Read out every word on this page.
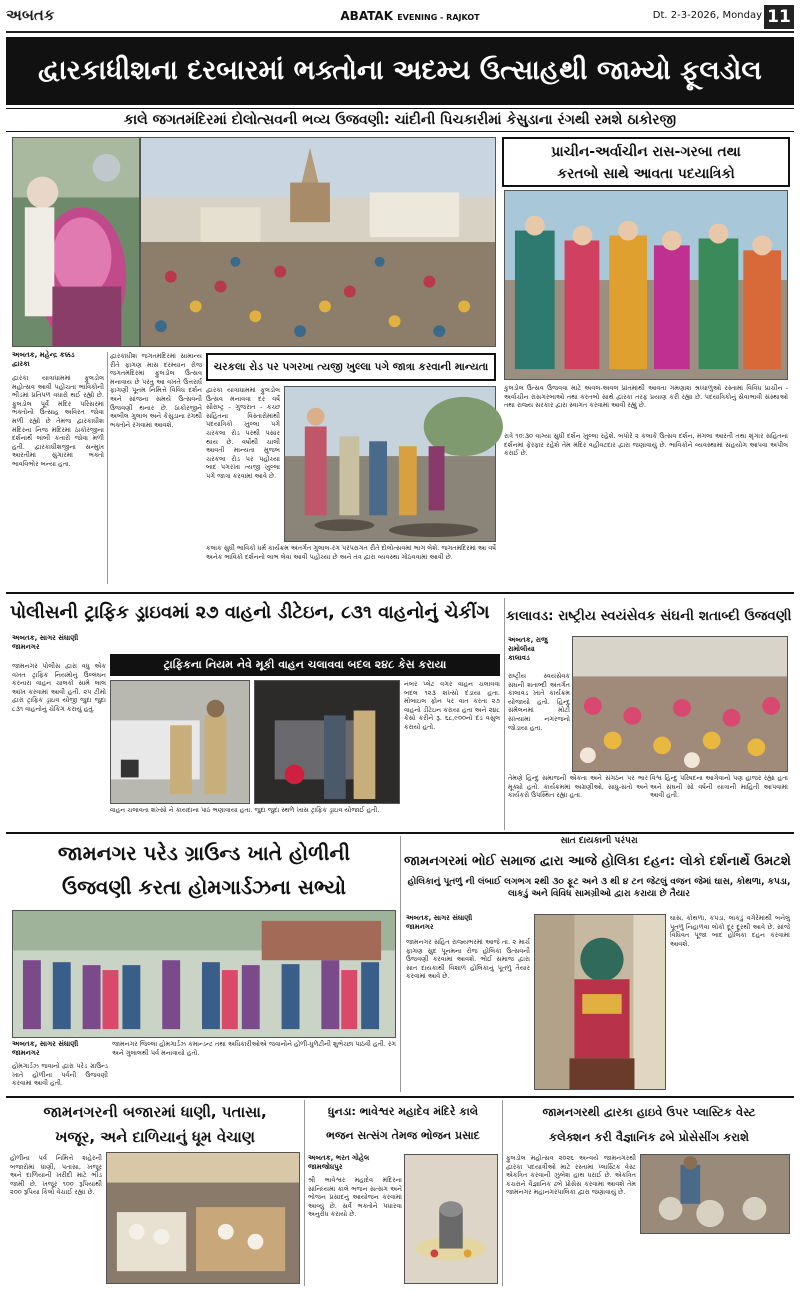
અબતક	ABATAK EVENING - RAJKOT	Dt. 2-3-2026, Monday 11
દ્વારકાધીશના દરબારમાં ભક્તોના અદમ્ય ઉત્સાહથી જામ્યો ફૂલડોલ
કાલે જગતમંદિરમાં દોલોત્સવની ભવ્ય ઉજવણી: ચાંદીની પિચકારીમાં કેસુડાના રંગથી રમશે ઠાકોરજી
પ્રાચીન-અર્વાચીન રાસ-ગરબા તથા
કરતબો સાથે આવતા પદયાત્રિકો
કુલડોલ ઉત્સવ ઉજવવા માટે અવલ-અવલ પ્રાંતમાંથી આવતા ગમણાશ શ્રધ્ધાળુઓ રસ્તામાં વિવિધ પ્રાચીન - અર્વાચીન રાસગરબાઓ તથા કરતબો સાથે દ્વારકા તરફ પ્રયાણ કરી રહ્યા છે. પદયાત્રિકોનું સેવાભાવી સંસ્થાઓ તથા રાજ્ય સરકાર દ્વારા સ્વાગત કરવામાં આવી રહ્યું છે.
અબતક, મહેન્દ્ર કક્કડ
દ્વારકા
દ્વારકા યાત્રાધામમાં ફુલડોલ મહોત્સવ આવી પહોંચતા ભાવિકોની ભીડમાં પ્રતિપળ વધારો થઈ રહ્યો છે. ફુલડોલ પૂર્વે મંદિર પરિસરમાં ભક્તોનો ઉત્સાહ અવિરત જોવા મળી રહ્યો છે તેમજ દ્વારકાધીશ મંદિરના નિજ મંદિરમાં ઠાકોરજીના દર્શનાર્થે લાંબી કતારો જોવા મળી હતી. દ્વારકાધીશજીના સન્મુખ આરતીમાં સુંગારમાં ભક્તો ભાવવિભોર બન્યા હતા.
દ્વારકાધીશ જગતમંદિરમાં સામાન્ય રીતે ફાગણ માસ દરમ્યાન રોજ જગતમંદિરમાં ફુલડોલ ઉત્સવ મનાવાય છે પરંતુ આ વખતે ઉત્તરાર્ધ ફાગણી પૂનમ નિમિત્તે વિવિધ દર્શન અને સાંજના સમયે ઉત્સવની ઉજવણી થનાર છે. ઠાકોરજીને અબીલ ગુલાલ અને કેસુડાના રંગથી ભક્તોને રંગવામાં આવશે.
ચરકલા રોડ પર પગરખા ત્યજી ખુલ્લા પગે જાત્રા કરવાની માન્યતા
દ્વારકા યાત્રાધામમાં ફુલડોલ ઉત્સવ મનાવવા દર વર્ષે સૌરાષ્ટ્ર - ગુજરાત - કચ્છ સહિતના વિસ્તારોમાંથી પદયાત્રિકો ખુલ્લા પગે ચરકલા રોડ પરથી પસાર થાય છે. વર્ષોથી ચાલી આવતી માન્યતા મુજબ ચરકલા રોડ પર પહોંચ્યા બાદ પગરખા ત્યજી ખુલ્લા પગે જાત્રા કરવામાં આવે છે.
કલાક સુધી ભાવિકો ધર્મ કાર્યક્રમ અંતર્ગત ગુલાલ-રંગ પરંપરાગત રીતે દોલોત્સવમાં ભાગ લેશે. જગતમંદિરમાં આ વર્ષે અનેક ભાવિકો દર્શનનો લાભ લેવા આવી પહોંચ્યા છે અને તંત્ર દ્વારા વ્યવસ્થા ગોઠવવામાં આવી છે.
રાત્રે ૧૦:૩૦ વાગ્યા સુધી દર્શન ખુલ્લા રહેશે. બપોરે ૨ કલાકે ઉત્સવ દર્શન, મંગલા આરતી તથા શૃંગાર સહિતના દર્શનમાં ફેરફાર રહેશે તેમ મંદિર વહીવટદાર દ્વારા જણાવાયું છે. ભાવિકોને વ્યવસ્થામાં સહયોગ આપવા અપીલ કરાઈ છે.
પોલીસની ટ્રાફિક ડ્રાઇવમાં ૨૭ વાહનો ડીટેઇન, ૮૩૧ વાહનોનું ચેકીંગ
અબતક, સાગર સંઘાણી
જામનગર
ટ્રાફિકના નિયમ નેવે મૂકી વાહન ચલાવવા બદલ ૨૪૮ કેસ કરાયા
જામનગર પોલીસ દ્વારા વધુ એક વખત ટ્રાફિક નિયમોનું ઉલ્લંઘન કરનારા વાહન ચાલકો સામે લાલ આંખ કરવામાં આવી હતી. ૨૫ ટીમો દ્વારા ટ્રાફિક ડ્રાઇવ યોજી જુદા જુદા ૮૩૧ વાહનોનું ચેકિંગ કરાયું હતું.
નંબર પ્લેટ વગર વાહન ચલાવવા બદલ ૧૨૩ શખ્સો દંડાયા હતા. મોબાઇલ ફોન પર વાત કરતા ૨૭ વાહનો ડીટેઇન કરાયા હતા અને ૨૪૮ કેસો કરીને રૂ. ૬૮,૯૦૦નો દંડ વસુલ કરાયો હતો.
વાહન ચલાવતા શખ્સો ને કાયદાના પાઠ ભણાવાયા હતા. જુદા જુદા સ્થળે ખાસ ટ્રાફિક ડ્રાઇવ યોજાઈ હતી.
કાલાવડ: રાષ્ટ્રીય સ્વયંસેવક સંઘની શતાબ્દી ઉજવણી
અબતક, રાજુ રામોલીયા
કાલાવડ
રાષ્ટ્રીય સ્વયંસેવક સંઘની શતાબ્દી અંતર્ગત કાલાવડ ખાતે કાર્યક્રમ યોજાયો હતો. હિન્દુ સંમેલનમાં મોટી સંખ્યામાં નગરજનો જોડાયા હતા.
તેમણે હિન્દુ સમાજની એકતા અને સંગઠન પર ભાર મૂક્યો હતો. કાર્યક્રમમાં અગ્રણીઓ, સાધુ-સંતો અને કાર્યકરો ઉપસ્થિત રહ્યા હતા.
વિશ્વ હિન્દુ પરિષદના આગેવાનો પણ હાજર રહ્યા હતા અને સંઘની સો વર્ષની યાત્રાની માહિતી આપવામાં આવી હતી.
જામનગર પરેડ ગ્રાઉન્ડ ખાતે હોળીની
ઉજવણી કરતા હોમગાર્ડઝના સભ્યો
અબતક, સાગર સંઘાણી
જામનગર
હોમગાર્ડઝ જવાનો દ્વારા પરેડ ગ્રાઉન્ડ ખાતે હોળીના પર્વની ઉજવણી કરવામાં આવી હતી.
જામનગર જિલ્લા હોમગાર્ડઝ કમાન્ડન્ટ તથા અધિકારીઓએ જવાનોને હોળી-ધુળેટીની શુભેચ્છા પાઠવી હતી. રંગ અને ગુલાલથી પર્વ મનાવાયો હતો.
સાત દાયકાની પરંપરા
જામનગરમાં ભોઈ સમાજ દ્વારા આજે હોલિકા દહન: લોકો દર્શનાર્થે ઉમટશે
હોલિકાનું પૂતળું ની લંબાઈ લગભગ ૨થી ૩૦ ફૂટ અને ૩ થી ૪ ટન જેટલું વજન જેમાં ઘાસ, કોથળા, કપડા, લાકડું અને વિવિધ સામગ્રીઓ દ્વારા કરાયા છે તૈયાર
અબતક, સાગર સંઘાણી
જામનગર
જામનગર સહિત રાજ્યભરમાં આજે તા. ૨ માર્ચ ફાગણ સુદ પૂનમના રોજ હોલિકા ઉત્સવની ઉજવણી કરવામાં આવશે. ભોઈ સમાજ દ્વારા સાત દાયકાથી વિશાળ હોલિકાનું પૂતળું તૈયાર કરવામાં આવે છે.
ઘાસ, કોથળા, કપડા, લાકડું વગેરેમાંથી બનેલું પૂતળું નિહાળવા લોકો દૂર દૂરથી આવે છે. સાંજે વિધિવત પૂજા બાદ હોલિકા દહન કરવામાં આવશે.
જામનગરની બજારમાં ધાણી, પતાસા,
ખજૂર, અને દાળિયાનું ધૂમ વેચાણ
હોળીના પર્વ નિમિત્તે શહેરની બજારોમાં ધાણી, પતાસા, ખજૂર અને દાળિયાની ખરીદી માટે ભીડ જામી છે. ખજૂર ૧૦૦ રૂપિયાથી ૨૦૦ રૂપિયા કિલો વેચાઈ રહ્યા છે.
ધુનડા: ભાવેશ્વર મહાદેવ મંદિરે કાલે
ભજન સત્સંગ તેમજ ભોજન પ્રસાદ
અબતક, ભરત ગોહેલ
જામજોધપુર
શ્રી ભાવેશ્વર મહાદેવ મંદિરના સાંનિધ્યમાં કાલે ભજન સત્સંગ અને ભોજન પ્રસાદનું આયોજન કરવામાં આવ્યું છે. સર્વે ભક્તોને પધારવા અનુરોધ કરાયો છે.
જામનગરથી દ્વારકા હાઇવે ઉપર પ્લાસ્ટિક વેસ્ટ
કલેક્શન કરી વૈજ્ઞાનિક ઢબે પ્રોસેસીંગ કરાશે
ફુલડોલ મહોત્સવ ૨૦૨૬ અન્વયે જામનગરથી દ્વારકા પદયાત્રીઓ માટે રસ્તામાં પ્લાસ્ટિક વેસ્ટ એકત્રિત કરવાની ઝુંબેશ હાથ ધરાઈ છે. એકત્રિત કચરાને વૈજ્ઞાનિક ઢબે પ્રોસેસ કરવામાં આવશે તેમ જામનગર મહાનગરપાલિકા દ્વારા જણાવાયું છે.
